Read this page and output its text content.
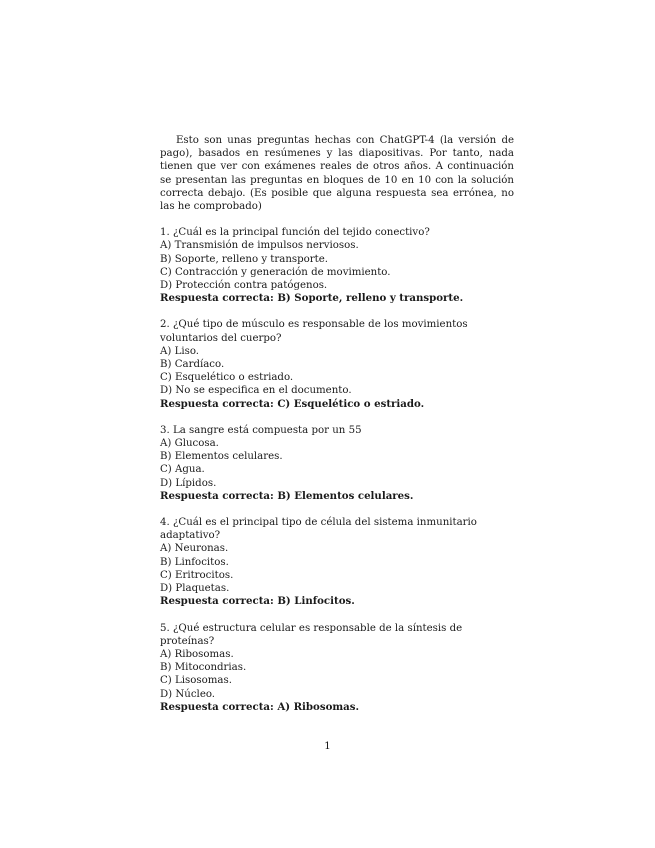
Esto son unas preguntas hechas con ChatGPT-4 (la versión de pago), basados en resúmenes y las diapositivas. Por tanto, nada tienen que ver con exámenes reales de otros años. A continuación se presentan las preguntas en bloques de 10 en 10 con la solución correcta debajo. (Es posible que alguna respuesta sea errónea, no las he comprobado)

1. ¿Cuál es la principal función del tejido conectivo?
A) Transmisión de impulsos nerviosos.
B) Soporte, relleno y transporte.
C) Contracción y generación de movimiento.
D) Protección contra patógenos.
Respuesta correcta: B) Soporte, relleno y transporte.
2. ¿Qué tipo de músculo es responsable de los movimientos voluntarios del cuerpo?
A) Liso.
B) Cardíaco.
C) Esquelético o estriado.
D) No se especifica en el documento.
Respuesta correcta: C) Esquelético o estriado.
3. La sangre está compuesta por un 55
A) Glucosa.
B) Elementos celulares.
C) Agua.
D) Lípidos.
Respuesta correcta: B) Elementos celulares.
4. ¿Cuál es el principal tipo de célula del sistema inmunitario adaptativo?
A) Neuronas.
B) Linfocitos.
C) Eritrocitos.
D) Plaquetas.
Respuesta correcta: B) Linfocitos.
5. ¿Qué estructura celular es responsable de la síntesis de proteínas?
A) Ribosomas.
B) Mitocondrias.
C) Lisosomas.
D) Núcleo.
Respuesta correcta: A) Ribosomas.
1
